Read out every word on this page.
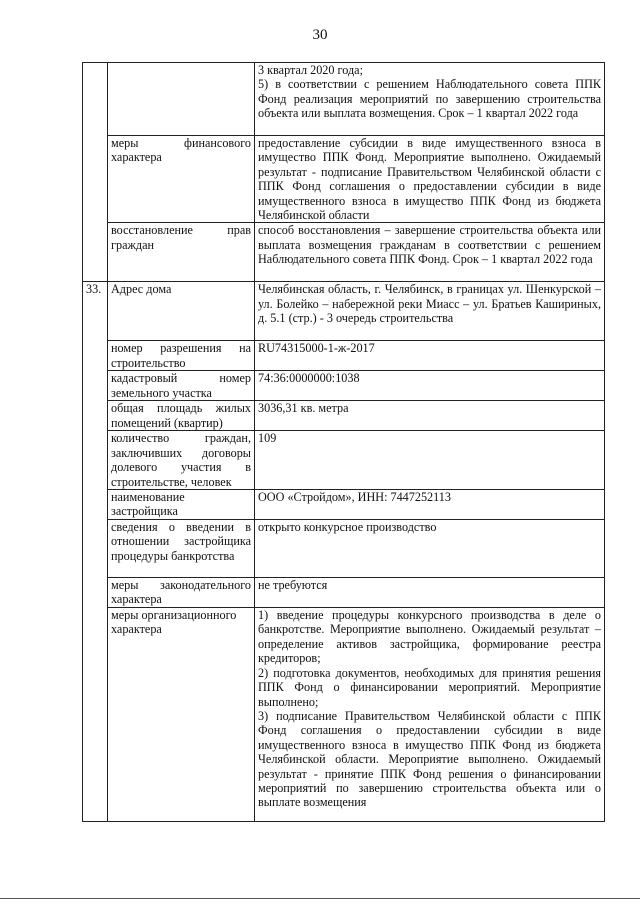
30

		3 квартал 2020 года;
5) в соответствии с решением Наблюдательного совета ППК Фонд реализация мероприятий по завершению строительства объекта или выплата возмещения. Срок – 1 квартал 2022 года

	меры финансового характера	предоставление субсидии в виде имущественного взноса в имущество ППК Фонд. Мероприятие выполнено. Ожидаемый результат - подписание Правительством Челябинской области с ППК Фонд соглашения о предоставлении субсидии в виде имущественного взноса в имущество ППК Фонд из бюджета Челябинской области

	восстановление прав граждан	способ восстановления – завершение строительства объекта или выплата возмещения гражданам в соответствии с решением Наблюдательного совета ППК Фонд. Срок – 1 квартал 2022 года

33.	Адрес дома	Челябинская область, г. Челябинск, в границах ул. Шенкурской – ул. Болейко – набережной реки Миасс – ул. Братьев Кашириных, д. 5.1 (стр.) - 3 очередь строительства

	номер разрешения на строительство	RU74315000-1-ж-2017

	кадастровый номер земельного участка	74:36:0000000:1038

	общая площадь жилых помещений (квартир)	3036,31 кв. метра

	количество граждан, заключивших договоры долевого участия в строительстве, человек	109

	наименование застройщика	ООО «Стройдом», ИНН: 7447252113

	сведения о введении в отношении застройщика процедуры банкротства	открыто конкурсное производство

	меры законодательного характера	не требуются

	меры организационного характера	1) введение процедуры конкурсного производства в деле о банкротстве. Мероприятие выполнено. Ожидаемый результат – определение активов застройщика, формирование реестра кредиторов;
2) подготовка документов, необходимых для принятия решения ППК Фонд о финансировании мероприятий. Мероприятие выполнено;
3) подписание Правительством Челябинской области с ППК Фонд соглашения о предоставлении субсидии в виде имущественного взноса в имущество ППК Фонд из бюджета Челябинской области. Мероприятие выполнено. Ожидаемый результат - принятие ППК Фонд решения о финансировании мероприятий по завершению строительства объекта или о выплате возмещения
